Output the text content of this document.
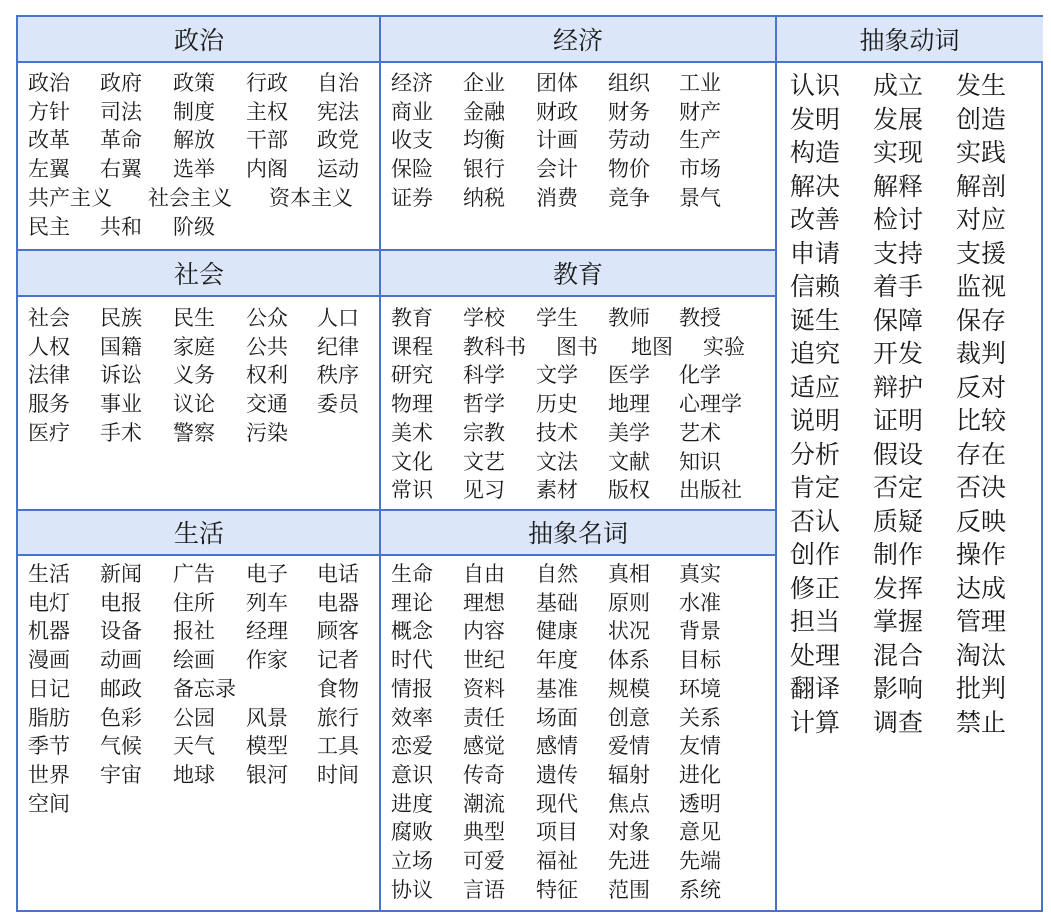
政治
政治 政府 政策 行政 自治
方针 司法 制度 主权 宪法
改革 革命 解放 干部 政党
左翼 右翼 选举 内阁 运动
共产主义 社会主义 资本主义
民主 共和 阶级
经济
经济 企业 团体 组织 工业
商业 金融 财政 财务 财产
收支 均衡 计画 劳动 生产
保险 银行 会计 物价 市场
证券 纳税 消费 竞争 景气
抽象动词
认识 成立 发生
发明 发展 创造
构造 实现 实践
解决 解释 解剖
改善 检讨 对应
申请 支持 支援
信赖 着手 监视
诞生 保障 保存
追究 开发 裁判
适应 辩护 反对
说明 证明 比较
分析 假设 存在
肯定 否定 否决
否认 质疑 反映
创作 制作 操作
修正 发挥 达成
担当 掌握 管理
处理 混合 淘汰
翻译 影响 批判
计算 调查 禁止
社会
社会 民族 民生 公众 人口
人权 国籍 家庭 公共 纪律
法律 诉讼 义务 权利 秩序
服务 事业 议论 交通 委员
医疗 手术 警察 污染
教育
教育 学校 学生 教师 教授
课程 教科书 图书 地图 实验
研究 科学 文学 医学 化学
物理 哲学 历史 地理 心理学
美术 宗教 技术 美学 艺术
文化 文艺 文法 文献 知识
常识 见习 素材 版权 出版社
生活
生活 新闻 广告 电子 电话
电灯 电报 住所 列车 电器
机器 设备 报社 经理 顾客
漫画 动画 绘画 作家 记者
日记 邮政 备忘录	食物
脂肪 色彩 公园 风景 旅行
季节 气候 天气 模型 工具
世界 宇宙 地球 银河 时间
空间
抽象名词
生命 自由 自然 真相 真实
理论 理想 基础 原则 水准
概念 内容 健康 状况 背景
时代 世纪 年度 体系 目标
情报 资料 基准 规模 环境
效率 责任 场面 创意 关系
恋爱 感觉 感情 爱情 友情
意识 传奇 遗传 辐射 进化
进度 潮流 现代 焦点 透明
腐败 典型 项目 对象 意见
立场 可爱 福祉 先进 先端
协议 言语 特征 范围 系统
